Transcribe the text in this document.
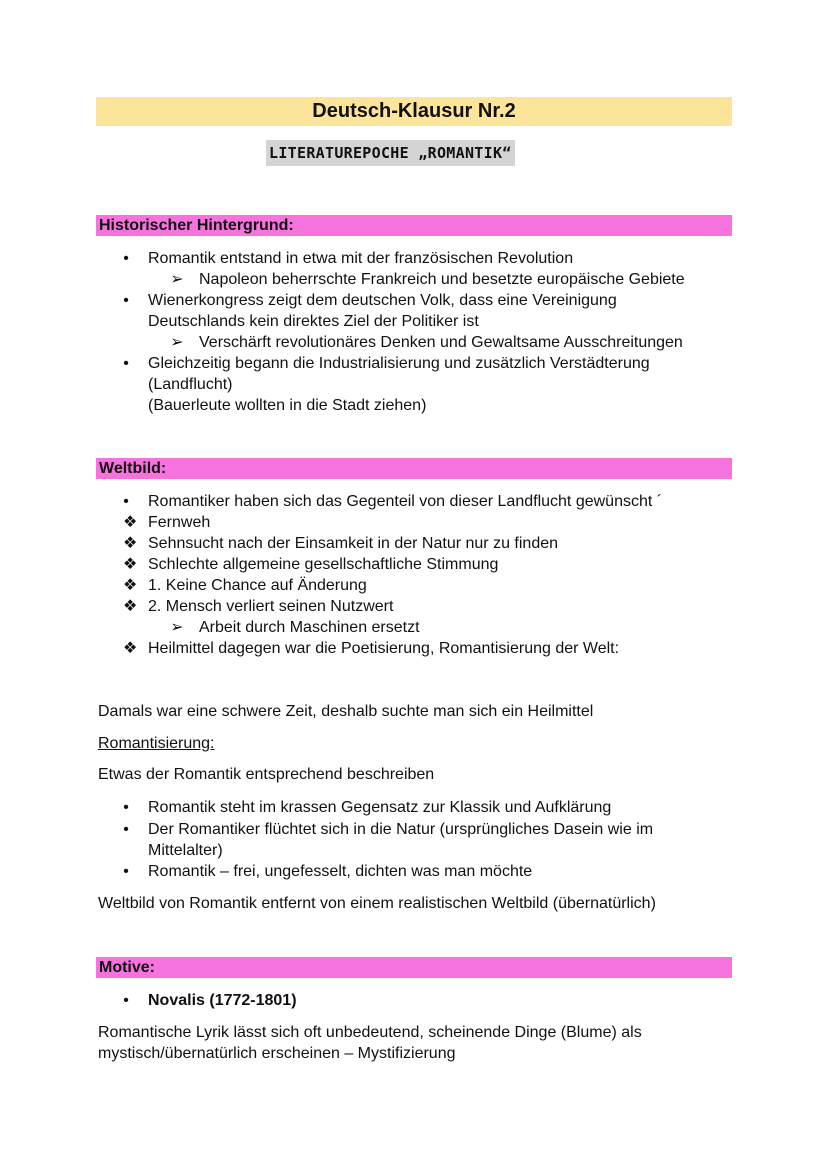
Deutsch-Klausur Nr.2
LITERATUREPOCHE „ROMANTIK“
Historischer Hintergrund:
• Romantik entstand in etwa mit der französischen Revolution
➢ Napoleon beherrschte Frankreich und besetzte europäische Gebiete
• Wienerkongress zeigt dem deutschen Volk, dass eine Vereinigung
Deutschlands kein direktes Ziel der Politiker ist
➢ Verschärft revolutionäres Denken und Gewaltsame Ausschreitungen
• Gleichzeitig begann die Industrialisierung und zusätzlich Verstädterung
(Landflucht)
(Bauerleute wollten in die Stadt ziehen)
Weltbild:
• Romantiker haben sich das Gegenteil von dieser Landflucht gewünscht ´
❖ Fernweh
❖ Sehnsucht nach der Einsamkeit in der Natur nur zu finden
❖ Schlechte allgemeine gesellschaftliche Stimmung
❖ 1. Keine Chance auf Änderung
❖ 2. Mensch verliert seinen Nutzwert
➢ Arbeit durch Maschinen ersetzt
❖ Heilmittel dagegen war die Poetisierung, Romantisierung der Welt:
Damals war eine schwere Zeit, deshalb suchte man sich ein Heilmittel
Romantisierung:
Etwas der Romantik entsprechend beschreiben
• Romantik steht im krassen Gegensatz zur Klassik und Aufklärung
• Der Romantiker flüchtet sich in die Natur (ursprüngliches Dasein wie im
Mittelalter)
• Romantik – frei, ungefesselt, dichten was man möchte
Weltbild von Romantik entfernt von einem realistischen Weltbild (übernatürlich)
Motive:
• Novalis (1772-1801)
Romantische Lyrik lässt sich oft unbedeutend, scheinende Dinge (Blume) als
mystisch/übernatürlich erscheinen – Mystifizierung
